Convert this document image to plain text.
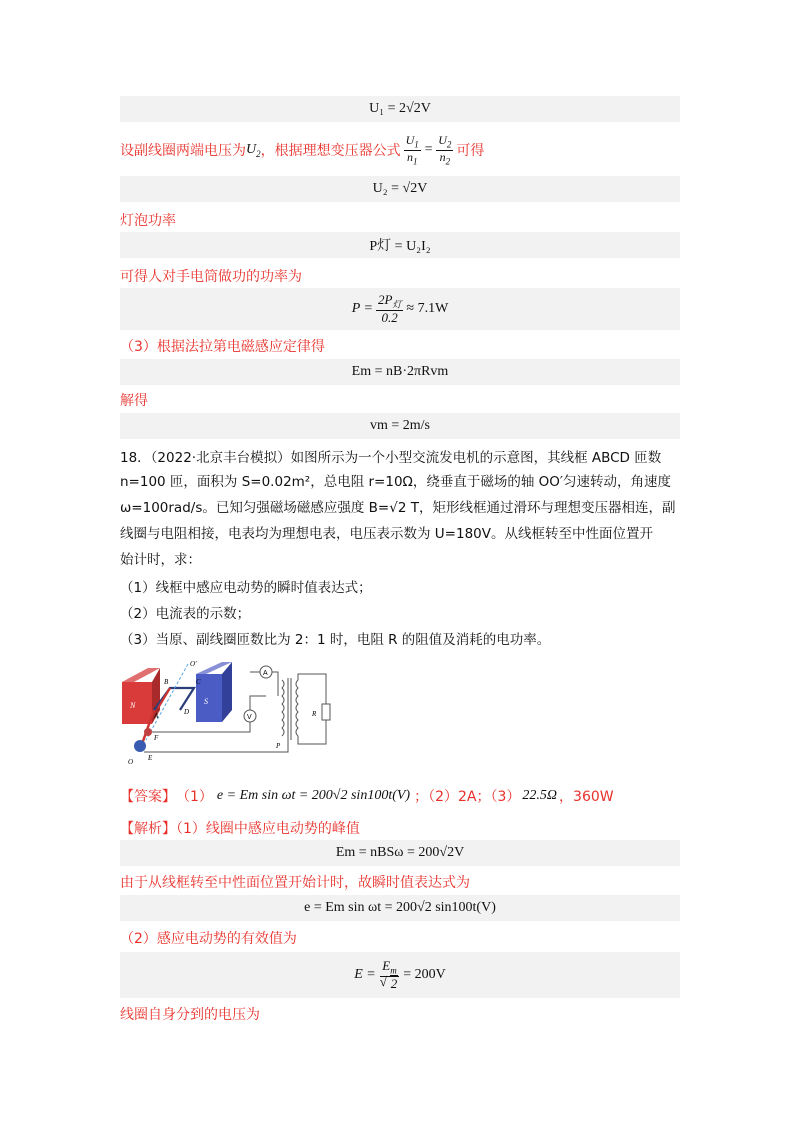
U₁ = 2√2V
设副线圈两端电压为 $U_2$ ，根据理想变压器公式 $\frac{U_1}{n_1} = \frac{U_2}{n_2}$ 可得
U₂ = √2V
灯泡功率
P灯 = U₂I₂
可得人对手电筒做功的功率为
$P = \frac{2P_灯}{0.2} \approx 7.1W$
（3）根据法拉第电磁感应定律得
Em = nB·2πRvm
解得
vm = 2m/s
18．（2022·北京丰台模拟）如图所示为一个小型交流发电机的示意图，其线框 ABCD 匝数
n=100 匝，面积为 S=0.02m²，总电阻 r=10Ω，绕垂直于磁场的轴 OO′匀速转动，角速度
ω=100rad/s。已知匀强磁场磁感应强度 B=√2 T，矩形线框通过滑环与理想变压器相连，副
线圈与电阻相接，电表均为理想电表，电压表示数为 U=180V。从线框转至中性面位置开
始计时，求：
（1）线框中感应电动势的瞬时值表达式；
（2）电流表的示数；
（3）当原、副线圈匝数比为 2：1 时，电阻 R 的阻值及消耗的电功率。
N	S
A
V	R
B	C
A	D
F
E
O
O′
P
【答案】 （1） e = Em sin ωt = 200√2 sin100t(V) ；（2）2A；（3） 22.5Ω ，360W
【解析】（1）线圈中感应电动势的峰值
Em = nBSω = 200√2V
由于从线框转至中性面位置开始计时，故瞬时值表达式为
e = Em sin ωt = 200√2 sin100t(V)
（2）感应电动势的有效值为
$E = E_m$
√ 2 = 200V
线圈自身分到的电压为
